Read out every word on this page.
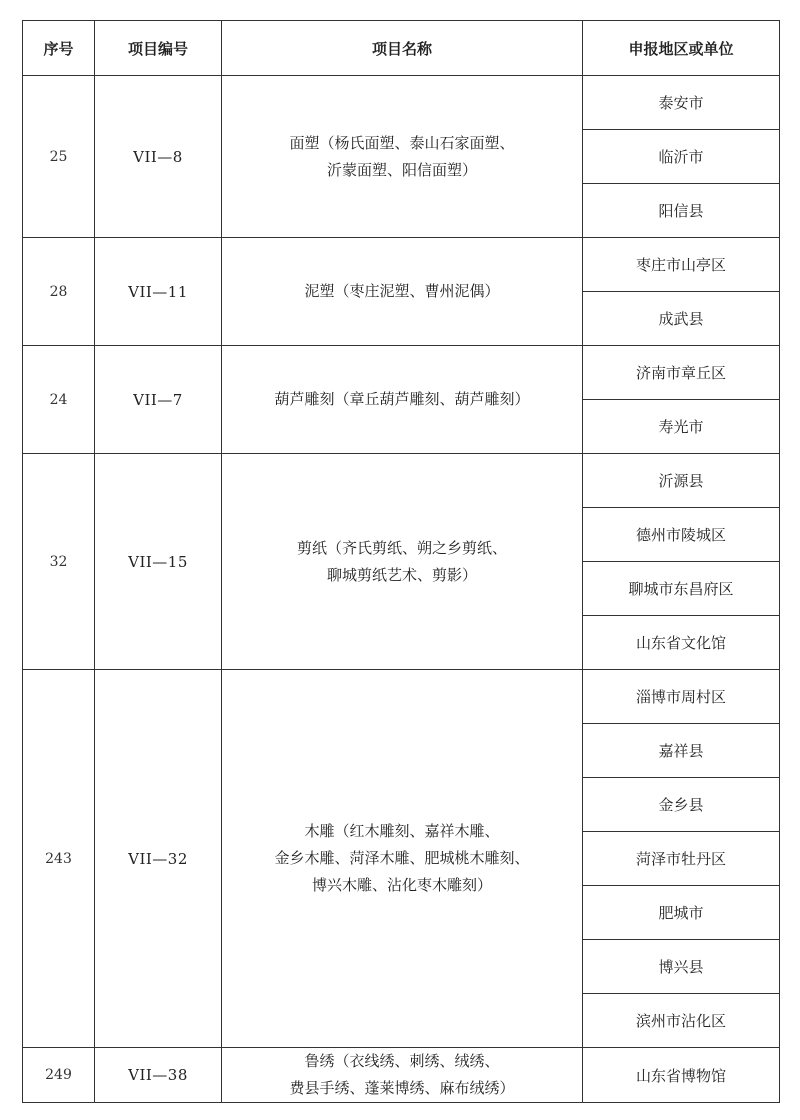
序号	项目编号	项目名称	申报地区或单位
25	VII—8	面塑（杨氏面塑、泰山石家面塑、
沂蒙面塑、阳信面塑）	泰安市
			临沂市
			阳信县
28	VII—11	泥塑（枣庄泥塑、曹州泥偶）	枣庄市山亭区
			成武县
24	VII—7	葫芦雕刻（章丘葫芦雕刻、葫芦雕刻）	济南市章丘区
			寿光市
32	VII—15	剪纸（齐氏剪纸、朔之乡剪纸、
聊城剪纸艺术、剪影）	沂源县
			德州市陵城区
			聊城市东昌府区
			山东省文化馆
243	VII—32	木雕（红木雕刻、嘉祥木雕、
金乡木雕、菏泽木雕、肥城桃木雕刻、
博兴木雕、沾化枣木雕刻）	淄博市周村区
			嘉祥县
			金乡县
			菏泽市牡丹区
			肥城市
			博兴县
			滨州市沾化区
249	VII—38	鲁绣（衣线绣、刺绣、绒绣、
费县手绣、蓬莱博绣、麻布绒绣）	山东省博物馆
